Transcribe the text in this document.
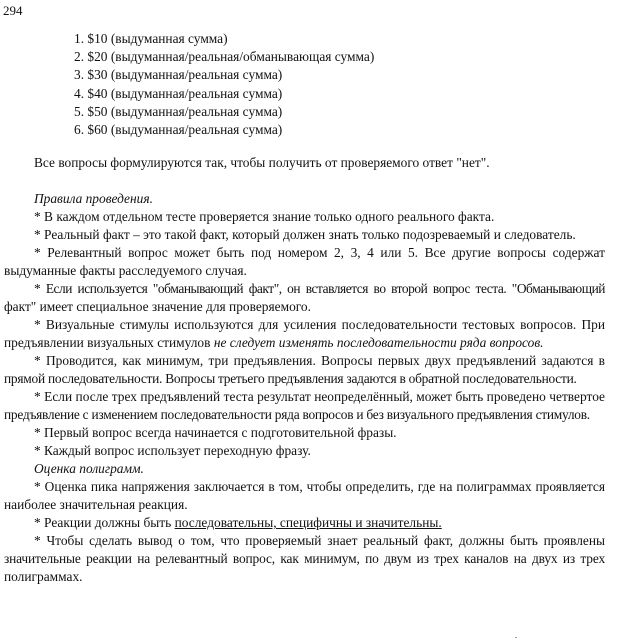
294
1. $10 (выдуманная сумма)
2. $20 (выдуманная/реальная/обманывающая сумма)
3. $30 (выдуманная/реальная сумма)
4. $40 (выдуманная/реальная сумма)
5. $50 (выдуманная/реальная сумма)
6. $60 (выдуманная/реальная сумма)
Все вопросы формулируются так, чтобы получить от проверяемого ответ "нет".
Правила проведения.
* В каждом отдельном тесте проверяется знание только одного реального факта.
* Реальный факт – это такой факт, который должен знать только подозреваемый и следователь.
* Релевантный вопрос может быть под номером 2, 3, 4 или 5. Все другие вопросы содержат
выдуманные факты расследуемого случая.
* Если используется "обманывающий факт", он вставляется во второй вопрос теста. "Обманывающий
факт" имеет специальное значение для проверяемого.
* Визуальные стимулы используются для усиления последовательности тестовых вопросов. При
предъявлении визуальных стимулов не следует изменять последовательности ряда вопросов.
* Проводится, как минимум, три предъявления. Вопросы первых двух предъявлений задаются в
прямой последовательности. Вопросы третьего предъявления задаются в обратной последовательности.
* Если после трех предъявлений теста результат неопределённый, может быть проведено четвертое
предъявление с изменением последовательности ряда вопросов и без визуального предъявления стимулов.
* Первый вопрос всегда начинается с подготовительной фразы.
* Каждый вопрос использует переходную фразу.
Оценка полиграмм.
* Оценка пика напряжения заключается в том, чтобы определить, где на полиграммах проявляется
наиболее значительная реакция.
* Реакции должны быть последовательны, специфичны и значительны.
* Чтобы сделать вывод о том, что проверяемый знает реальный факт, должны быть проявлены
значительные реакции на релевантный вопрос, как минимум, по двум из трех каналов на двух из трех
полиграммах.
